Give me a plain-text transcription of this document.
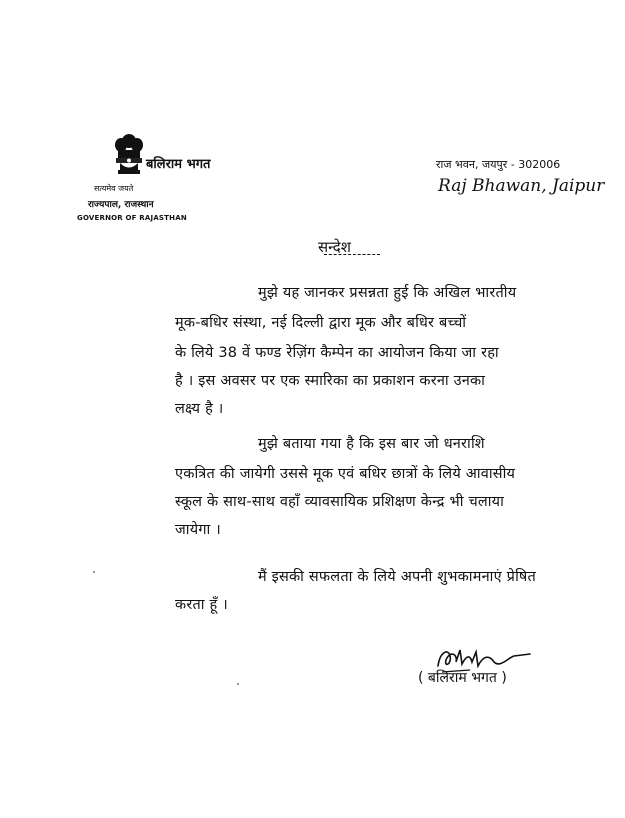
बलिराम भगत
सत्यमेव जयते
राज्यपाल, राजस्थान
GOVERNOR OF RAJASTHAN
राज भवन, जयपुर - 302006
Raj Bhawan, Jaipur
सन्देश
मुझे यह जानकर प्रसन्नता हुई कि अखिल भारतीय
मूक-बधिर संस्था, नई दिल्ली द्वारा मूक और बधिर बच्चों
के लिये 38 वें फण्ड रेज़िंग कैम्पेन का आयोजन किया जा रहा
है । इस अवसर पर एक स्मारिका का प्रकाशन करना उनका
लक्ष्य है ।
मुझे बताया गया है कि इस बार जो धनराशि
एकत्रित की जायेगी उससे मूक एवं बधिर छात्रों के लिये आवासीय
स्कूल के साथ-साथ वहाँ व्यावसायिक प्रशिक्षण केन्द्र भी चलाया
जायेगा ।
मैं इसकी सफलता के लिये अपनी शुभकामनाएं प्रेषित
करता हूँ ।
( बलिराम भगत )
